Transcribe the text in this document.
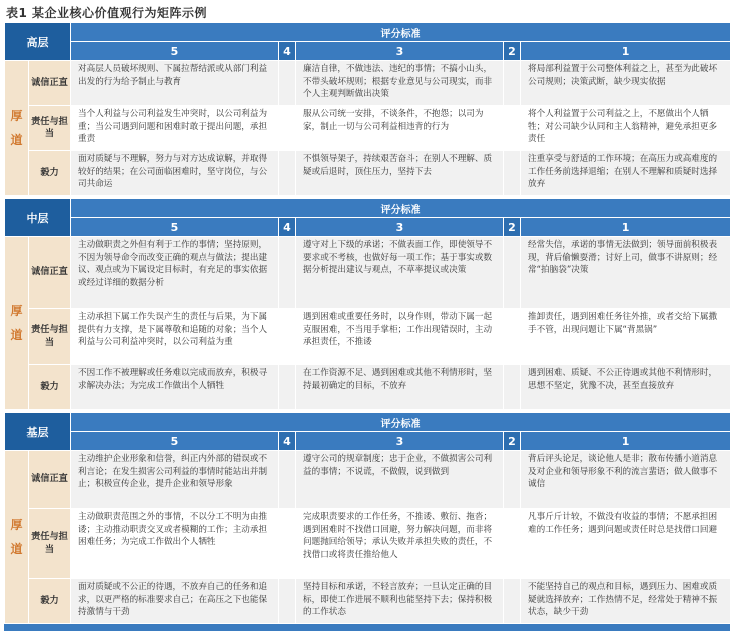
表1 某企业核心价值观行为矩阵示例
高层		评分标准				
		5	4	3	2	1
厚
道	诚信正直	对高层人员破坏规则、下属拉帮结派或从部门利益出发的行为给予制止与教育		廉洁自律，不做违法、违纪的事情；不搞小山头，不带头破坏规则；根据专业意见与公司现实，而非个人主观判断做出决策		将局部利益置于公司整体利益之上，甚至为此破坏公司规则；决策武断，缺少现实依据
	责任与担当	当个人利益与公司利益发生冲突时，以公司利益为重；当公司遇到问题和困难时敢于提出问题，承担重责		服从公司统一安排，不谈条件，不抱怨；以司为家，制止一切与公司利益相违背的行为		将个人利益置于公司利益之上，不愿做出个人牺牲；对公司缺少认同和主人翁精神，避免承担更多责任
	毅力	面对质疑与不理解，努力与对方达成谅解，并取得较好的结果；在公司面临困难时，坚守岗位，与公司共命运		不惧领导架子，持续艰苦奋斗；在别人不理解、质疑或后退时，顶住压力，坚持下去		注重享受与舒适的工作环境；在高压力或高难度的工作任务前选择退缩；在别人不理解和质疑时选择放弃

中层		评分标准				
		5	4	3	2	1
厚
道	诚信正直	主动做职责之外但有利于工作的事情；坚持原则，不因为领导命令而改变正确的观点与做法；提出建议、观点或为下属设定目标时，有充足的事实依据或经过详细的数据分析		遵守对上下级的承诺；不做表面工作，即使领导不要求或不考核，也做好每一项工作；基于事实或数据分析提出建议与观点，不草率提议或决策		经常失信，承诺的事情无法做到；领导面前积极表现，背后偷懒耍滑；讨好上司，做事不讲原则；经常“拍脑袋”决策
	责任与担当	主动承担下属工作失误产生的责任与后果，为下属提供有力支撑，是下属尊敬和追随的对象；当个人利益与公司利益冲突时，以公司利益为重		遇到困难或重要任务时，以身作则，带动下属一起克服困难，不当甩手掌柜；工作出现错误时，主动承担责任，不推诿		推卸责任，遇到困难任务往外推，或者交给下属撒手不管，出现问题让下属“背黑锅”
	毅力	不因工作不被理解或任务难以完成而放弃，积极寻求解决办法；为完成工作做出个人牺牲		在工作资源不足、遇到困难或其他不利情形时，坚持最初确定的目标，不放弃		遇到困难、质疑、不公正待遇或其他不利情形时，思想不坚定，犹豫不决，甚至直接放弃

基层		评分标准				
		5	4	3	2	1
厚
道	诚信正直	主动维护企业形象和信誉，纠正内外部的错误或不利言论；在发生损害公司利益的事情时能站出并制止；积极宣传企业，提升企业和领导形象		遵守公司的规章制度；忠于企业，不做损害公司利益的事情；不说谎，不做假，说到做到		背后评头论足，谈论他人是非；散布传播小道消息及对企业和领导形象不利的流言蜚语；做人做事不诚信
	责任与担当	主动做职责范围之外的事情，不以分工不明为由推诿；主动推动职责交叉或者模糊的工作；主动承担困难任务；为完成工作做出个人牺牲		完成职责要求的工作任务，不推诿、敷衍、拖沓；遇到困难时不找借口回避，努力解决问题，而非将问题抛回给领导；承认失败并承担失败的责任，不找借口或将责任推给他人		凡事斤斤计较，不做没有收益的事情；不愿承担困难的工作任务；遇到问题或责任时总是找借口回避
	毅力	面对质疑或不公正的待遇，不放弃自己的任务和追求，以更严格的标准要求自己；在高压之下也能保持激情与干劲		坚持目标和承诺，不轻言放弃；一旦认定正确的目标，即使工作进展不顺利也能坚持下去；保持积极的工作状态		不能坚持自己的观点和目标，遇到压力、困难或质疑就选择放弃；工作热情不足，经常处于精神不振状态，缺少干劲
